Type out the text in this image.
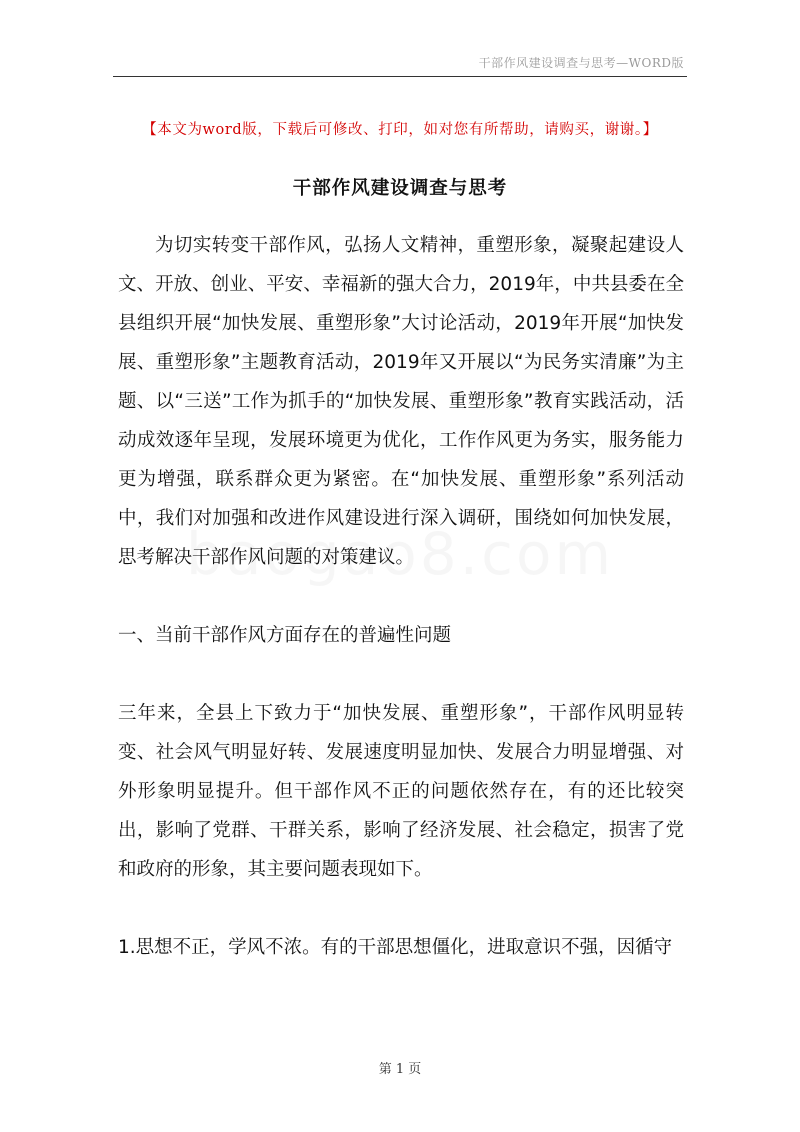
干部作风建设调查与思考—WORD版
【本文为word版，下载后可修改、打印，如对您有所帮助，请购买，谢谢。】
干部作风建设调查与思考

为切实转变干部作风，弘扬人文精神，重塑形象，凝聚起建设人文、开放、创业、平安、幸福新的强大合力，2019年，中共县委在全县组织开展“加快发展、重塑形象”大讨论活动，2019年开展“加快发展、重塑形象”主题教育活动，2019年又开展以“为民务实清廉”为主题、以“三送”工作为抓手的“加快发展、重塑形象”教育实践活动，活动成效逐年呈现，发展环境更为优化，工作作风更为务实，服务能力更为增强，联系群众更为紧密。在“加快发展、重塑形象”系列活动中，我们对加强和改进作风建设进行深入调研，围绕如何加快发展，思考解决干部作风问题的对策建议。

一、当前干部作风方面存在的普遍性问题

三年来，全县上下致力于“加快发展、重塑形象”，干部作风明显转变、社会风气明显好转、发展速度明显加快、发展合力明显增强、对外形象明显提升。但干部作风不正的问题依然存在，有的还比较突出，影响了党群、干群关系，影响了经济发展、社会稳定，损害了党和政府的形象，其主要问题表现如下。

1.思想不正，学风不浓。有的干部思想僵化，进取意识不强，因循守

第 1 页
